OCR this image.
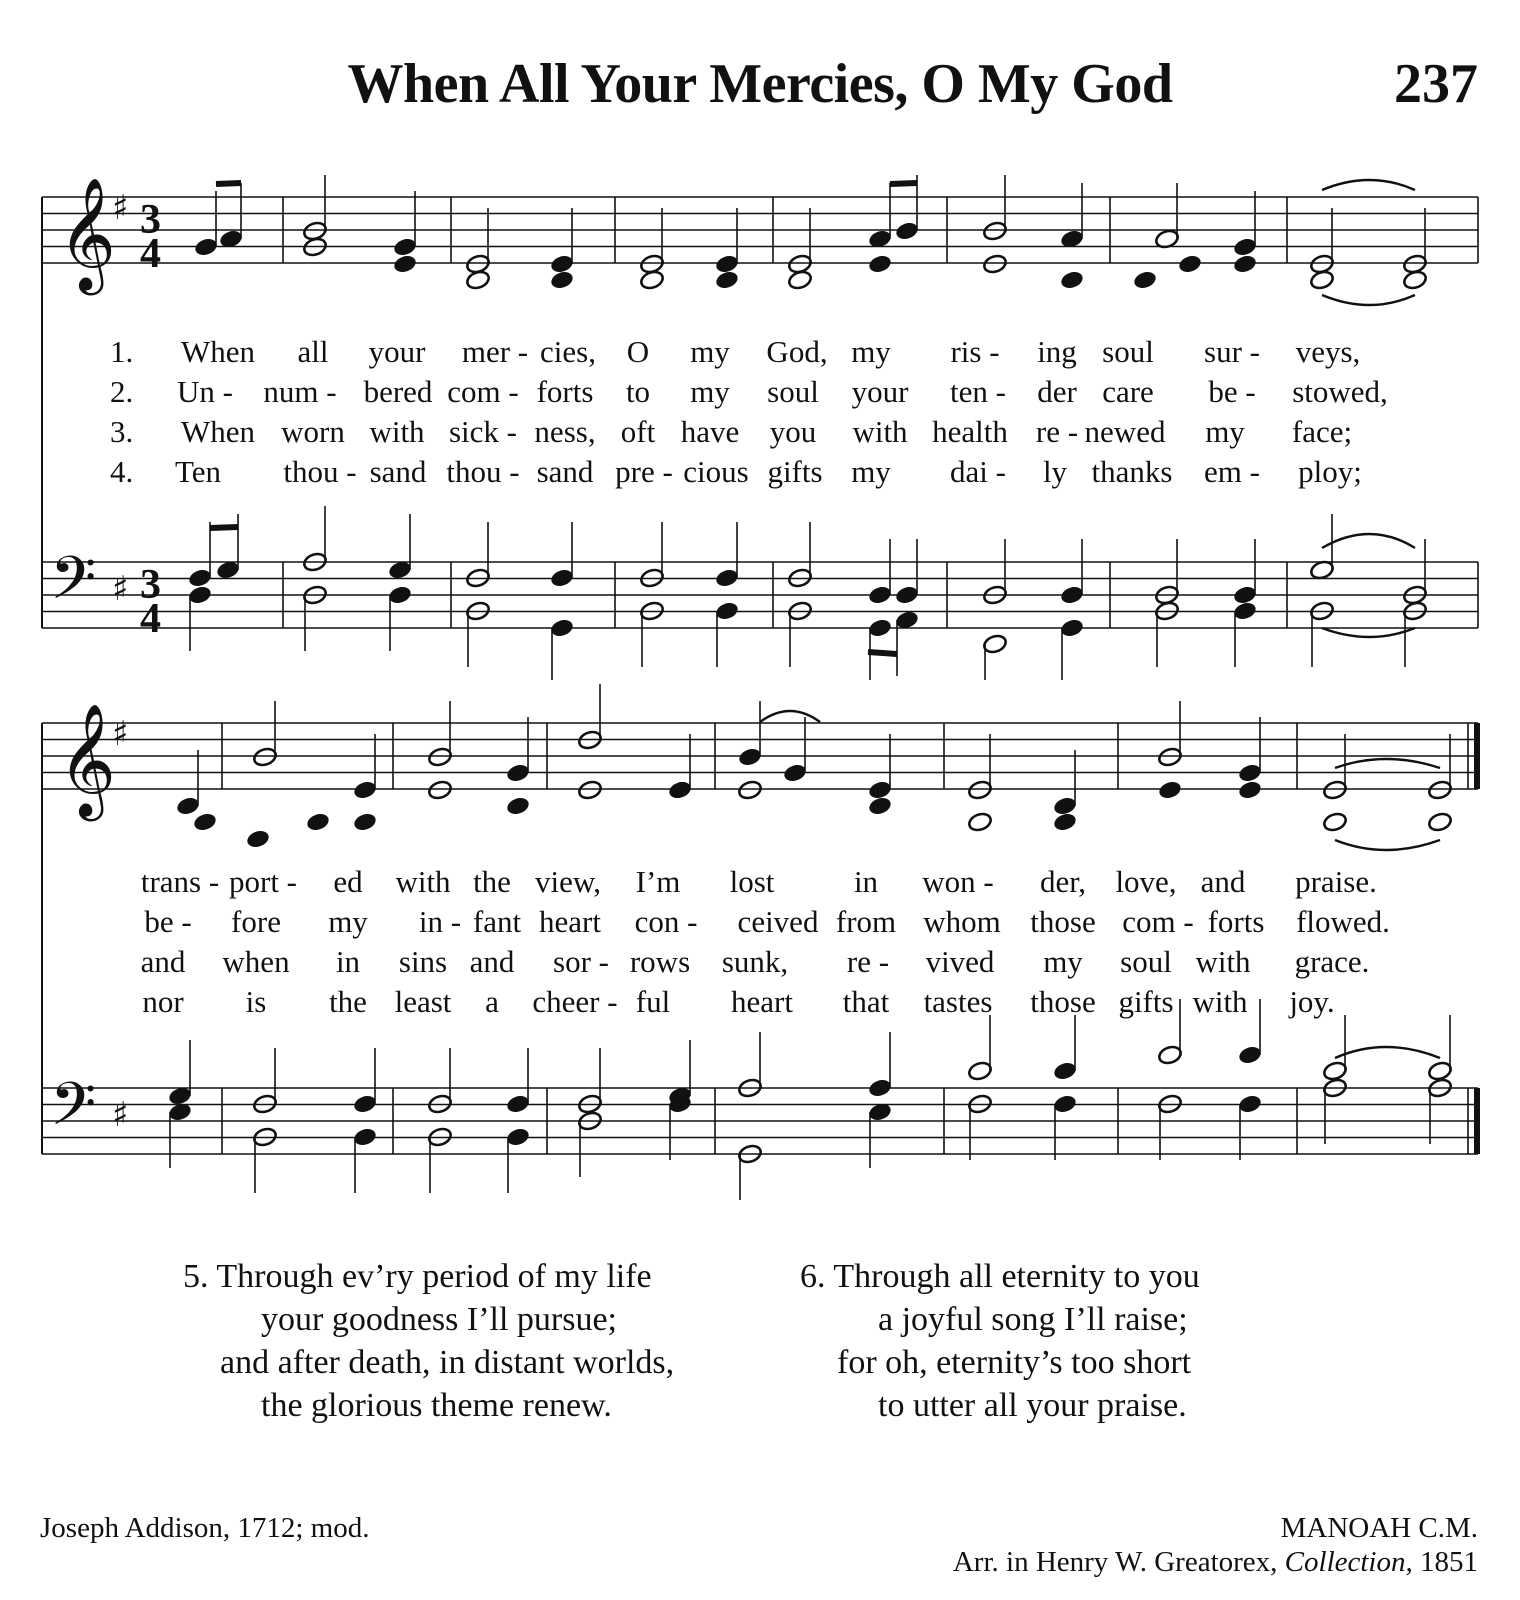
When All Your Mercies, O My God	237
𝄞
𝄢
♯
♯
3
4
3
4
1. When all your mer - cies, O my God, my ris - ing soul sur - veys,
2. Un - num - bered com - forts to my soul your ten - der care be - stowed,
3. When worn with sick - ness, oft have you with health re - newed my face;
4. Ten thou - sand thou - sand pre - cious gifts my dai - ly thanks em - ploy;
𝄞
𝄢
♯
♯
trans - port - ed with the view, I’m lost	in won - der, love, and praise.
be - fore my in - fant heart con - ceived from whom those com - forts flowed.
and when in sins and sor - rows sunk, re - vived my soul with grace.
nor is the least a cheer - ful heart that tastes those gifts with joy.
5. Through ev’ry period of my life
your goodness I’ll pursue;
and after death, in distant worlds,
the glorious theme renew.
6. Through all eternity to you
a joyful song I’ll raise;
for oh, eternity’s too short
to utter all your praise.
Joseph Addison, 1712; mod.	MANOAH C.M.
Arr. in Henry W. Greatorex, Collection, 1851
